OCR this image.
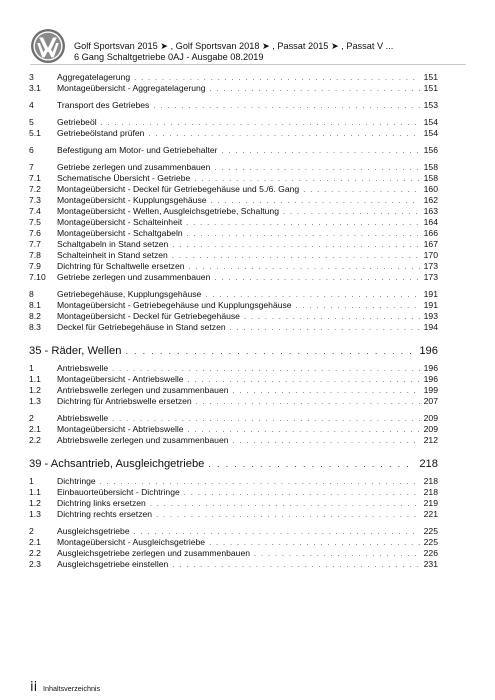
Golf Sportsvan 2015 ➤ , Golf Sportsvan 2018 ➤ , Passat 2015 ➤ , Passat V ...
6 Gang Schaltgetriebe 0AJ - Ausgabe 08.2019
3	Aggregatelagerung . . .	151
3.1	Montageübersicht - Aggregatelagerung . . .	151
4	Transport des Getriebes . . .	153
5	Getriebeöl . . .	154
5.1	Getriebeölstand prüfen . . .	154
6	Befestigung am Motor- und Getriebehalter . . .	156
7	Getriebe zerlegen und zusammenbauen . . .	158
7.1	Schematische Übersicht - Getriebe . . .	158
7.2	Montageübersicht - Deckel für Getriebegehäuse und 5./6. Gang . . .	160
7.3	Montageübersicht - Kupplungsgehäuse . . .	162
7.4	Montageübersicht - Wellen, Ausgleichsgetriebe, Schaltung . . .	163
7.5	Montageübersicht - Schalteinheit . . .	164
7.6	Montageübersicht - Schaltgabeln . . .	166
7.7	Schaltgabeln in Stand setzen . . .	167
7.8	Schalteinheit in Stand setzen . . .	170
7.9	Dichtring für Schaltwelle ersetzen . . .	173
7.10	Getriebe zerlegen und zusammenbauen . . .	173
8	Getriebegehäuse, Kupplungsgehäuse . . .	191
8.1	Montageübersicht - Getriebegehäuse und Kupplungsgehäuse . . .	191
8.2	Montageübersicht - Deckel für Getriebegehäuse . . .	193
8.3	Deckel für Getriebegehäuse in Stand setzen . . .	194
35 - Räder, Wellen . . .	196
1	Antriebswelle . . .	196
1.1	Montageübersicht - Antriebswelle . . .	196
1.2	Antriebswelle zerlegen und zusammenbauen . . .	199
1.3	Dichtring für Antriebswelle ersetzen . . .	207
2	Abtriebswelle . . .	209
2.1	Montageübersicht - Abtriebswelle . . .	209
2.2	Abtriebswelle zerlegen und zusammenbauen . . .	212
39 - Achsantrieb, Ausgleichgetriebe . . .	218
1	Dichtringe . . .	218
1.1	Einbauorteübersicht - Dichtringe . . .	218
1.2	Dichtring links ersetzen . . .	219
1.3	Dichtring rechts ersetzen . . .	221
2	Ausgleichsgetriebe . . .	225
2.1	Montageübersicht - Ausgleichsgetriebe . . .	225
2.2	Ausgleichsgetriebe zerlegen und zusammenbauen . . .	226
2.3	Ausgleichsgetriebe einstellen . . .	231
ii Inhaltsverzeichnis
